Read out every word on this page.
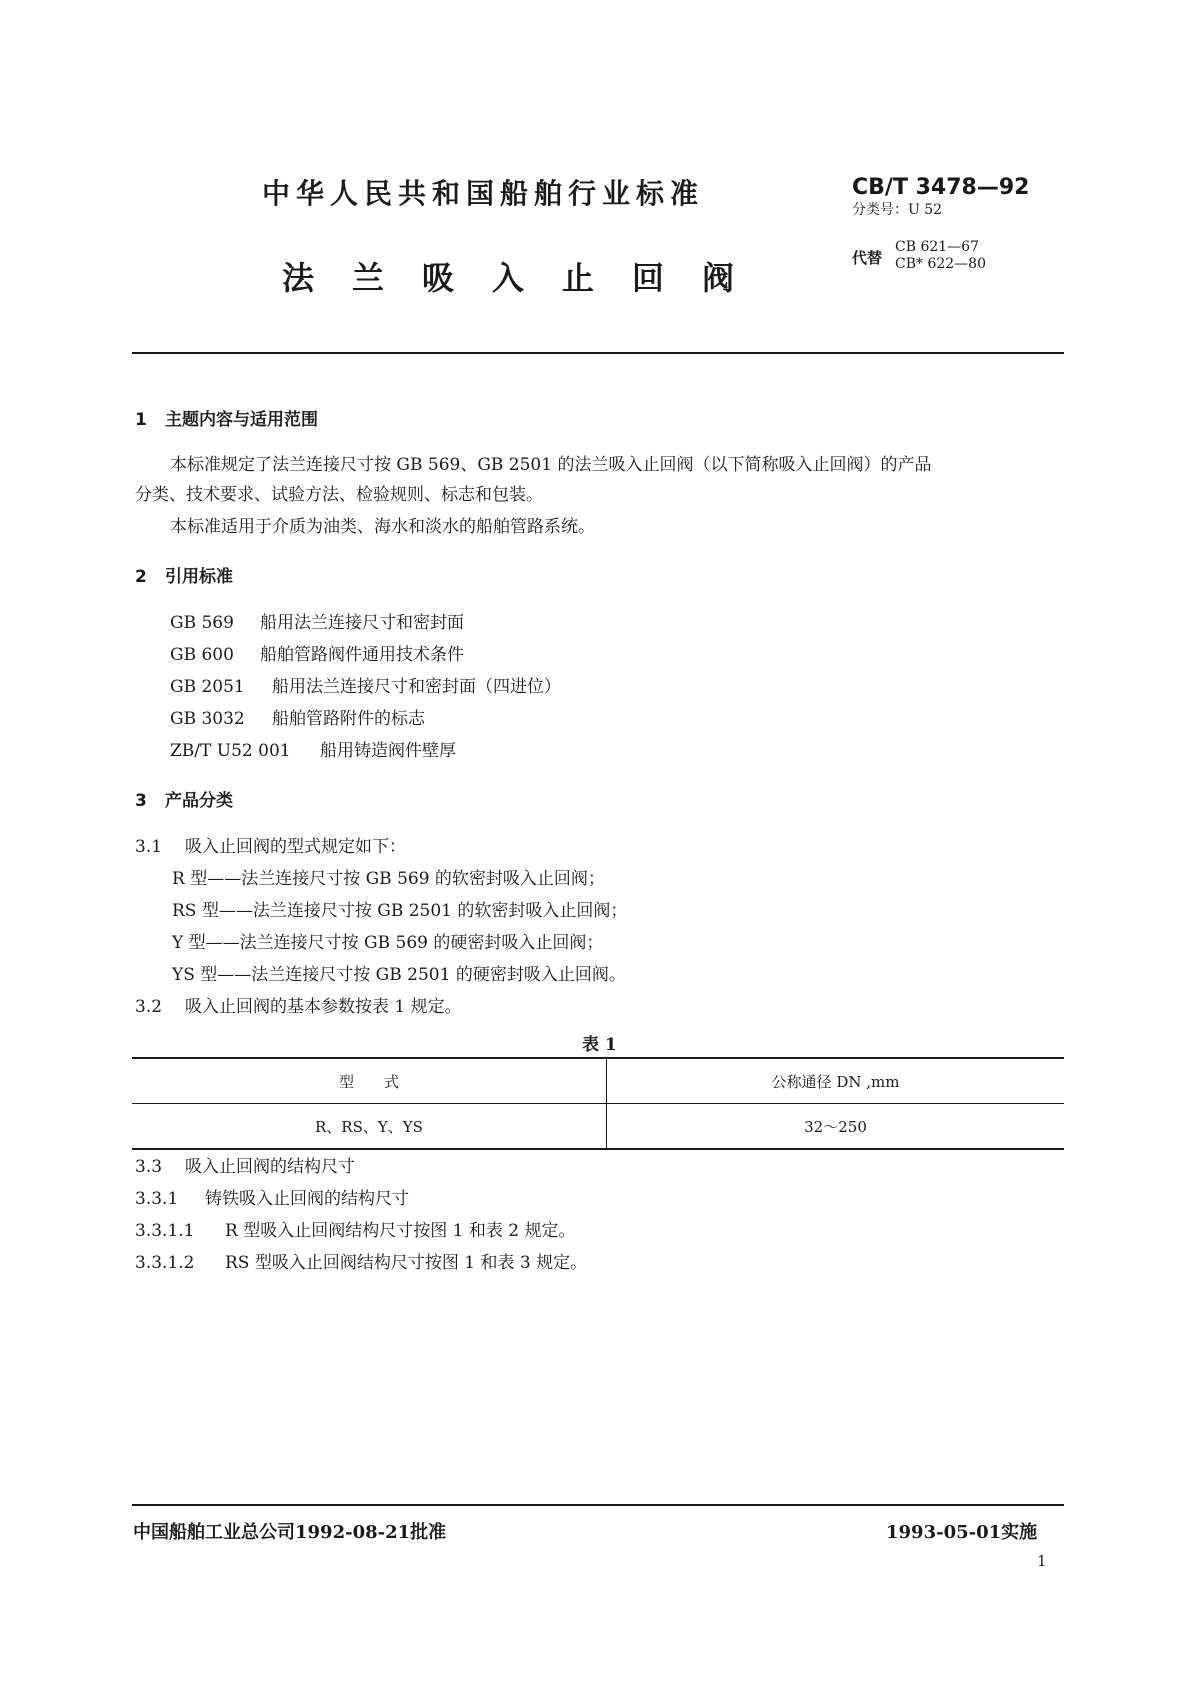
中华人民共和国船舶行业标准	CB/T 3478—92
分类号：U 52
代替
CB 621—67
CB* 622—80
法兰吸入止回阀
1 主题内容与适用范围
本标准规定了法兰连接尺寸按 GB 569、GB 2501 的法兰吸入止回阀（以下简称吸入止回阀）的产品
分类、技术要求、试验方法、检验规则、标志和包装。
本标准适用于介质为油类、海水和淡水的船舶管路系统。
2 引用标准
GB 569 船用法兰连接尺寸和密封面
GB 600 船舶管路阀件通用技术条件
GB 2051 船用法兰连接尺寸和密封面（四进位）
GB 3032 船舶管路附件的标志
ZB/T U52 001 船用铸造阀件壁厚
3 产品分类
3.1 吸入止回阀的型式规定如下：
R 型——法兰连接尺寸按 GB 569 的软密封吸入止回阀；
RS 型——法兰连接尺寸按 GB 2501 的软密封吸入止回阀；
Y 型——法兰连接尺寸按 GB 569 的硬密封吸入止回阀；
YS 型——法兰连接尺寸按 GB 2501 的硬密封吸入止回阀。
3.2 吸入止回阀的基本参数按表 1 规定。
表 1
型　　式	公称通径 DN ,mm
R、RS、Y、YS	32～250
3.3 吸入止回阀的结构尺寸
3.3.1 铸铁吸入止回阀的结构尺寸
3.3.1.1 R 型吸入止回阀结构尺寸按图 1 和表 2 规定。
3.3.1.2 RS 型吸入止回阀结构尺寸按图 1 和表 3 规定。
中国船舶工业总公司1992-08-21批准	1993-05-01实施
1
